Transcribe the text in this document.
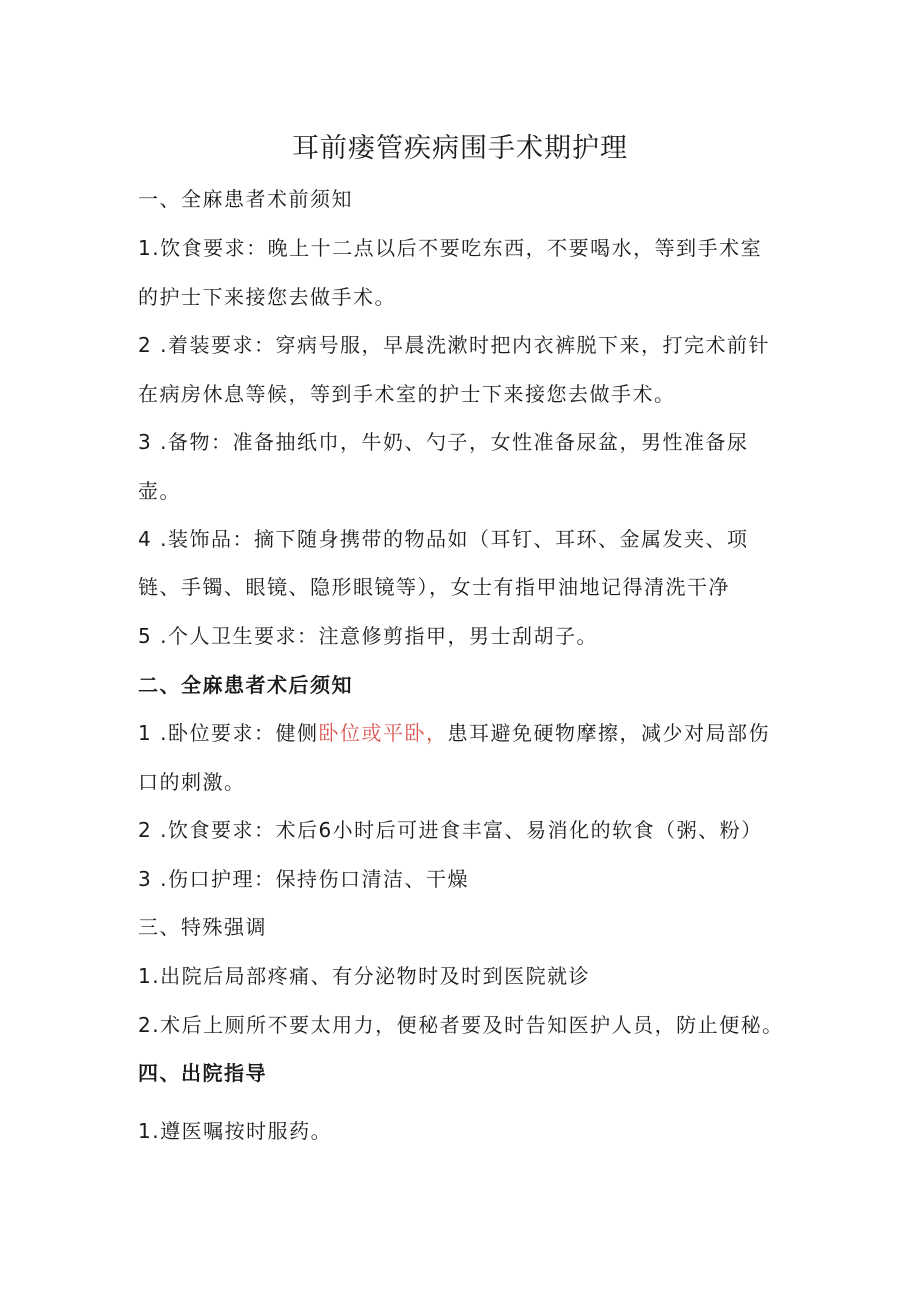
耳前瘘管疾病围手术期护理
一、全麻患者术前须知
1.饮食要求：晚上十二点以后不要吃东西，不要喝水，等到手术室
的护士下来接您去做手术。
2 .着装要求：穿病号服，早晨洗漱时把内衣裤脱下来，打完术前针
在病房休息等候，等到手术室的护士下来接您去做手术。
3 .备物：准备抽纸巾，牛奶、勺子，女性准备尿盆，男性准备尿
壶。
4 .装饰品：摘下随身携带的物品如（耳钉、耳环、金属发夹、项
链、手镯、眼镜、隐形眼镜等），女士有指甲油地记得清洗干净
5 .个人卫生要求：注意修剪指甲，男士刮胡子。
二、全麻患者术后须知
1 .卧位要求：健侧卧位或平卧，患耳避免硬物摩擦，减少对局部伤
口的刺激。
2 .饮食要求：术后6小时后可进食丰富、易消化的软食（粥、粉）
3 .伤口护理：保持伤口清洁、干燥
三、特殊强调
1.出院后局部疼痛、有分泌物时及时到医院就诊
2.术后上厕所不要太用力，便秘者要及时告知医护人员，防止便秘。
四、出院指导
1.遵医嘱按时服药。
